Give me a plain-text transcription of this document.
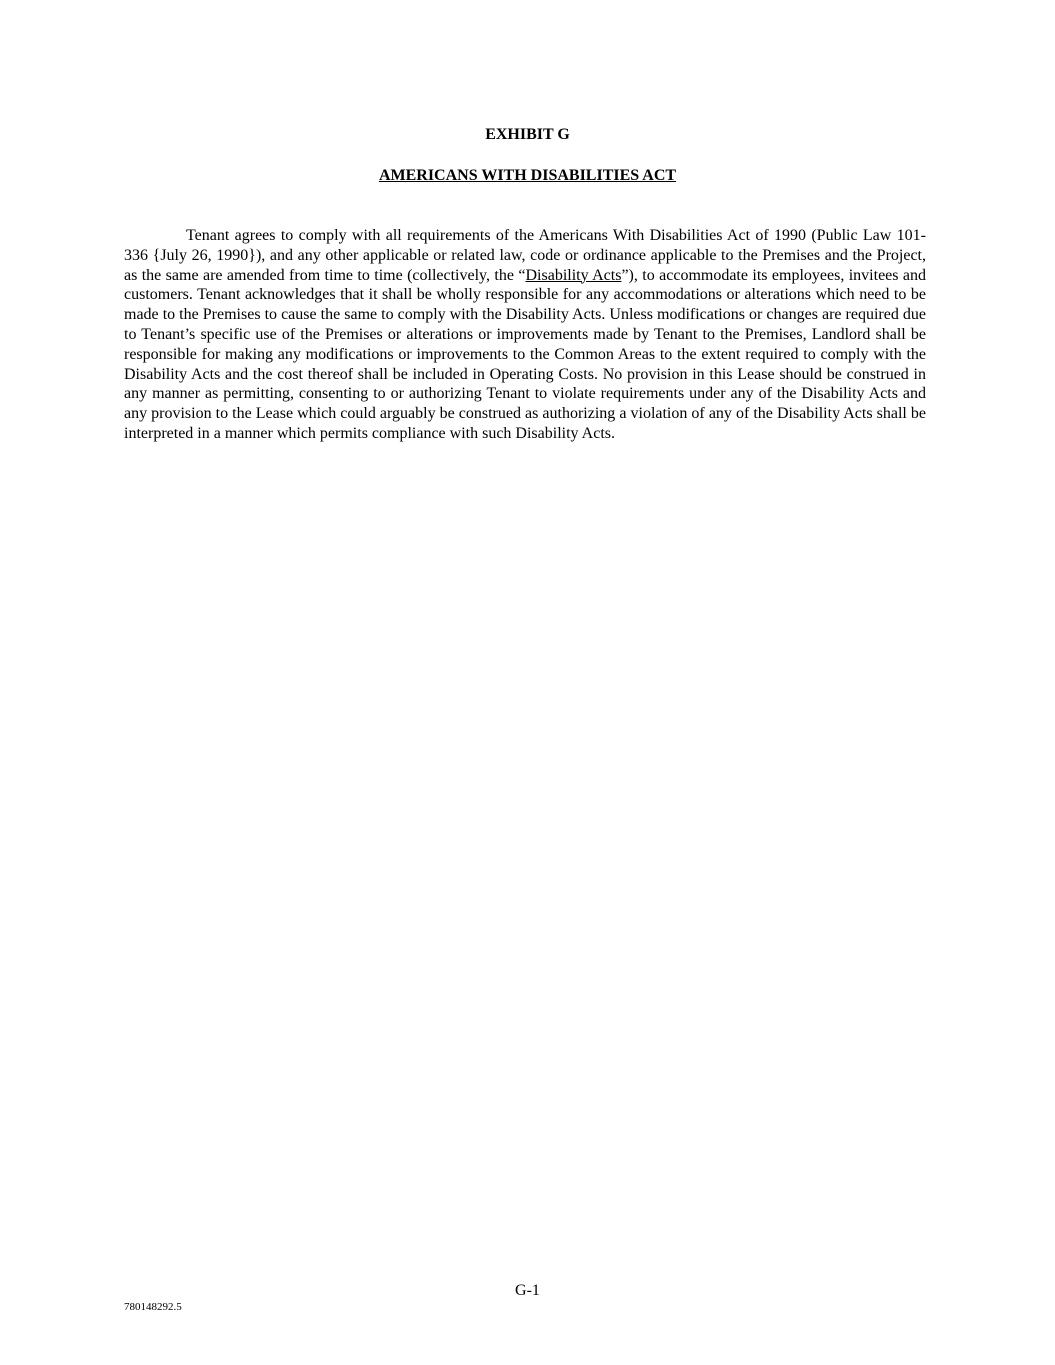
EXHIBIT G
AMERICANS WITH DISABILITIES ACT

Tenant agrees to comply with all requirements of the Americans With Disabilities Act of 1990 (Public Law 101-336 {July 26, 1990}), and any other applicable or related law, code or ordinance applicable to the Premises and the Project, as the same are amended from time to time (collectively, the “Disability Acts”), to accommodate its employees, invitees and customers. Tenant acknowledges that it shall be wholly responsible for any accommodations or alterations which need to be made to the Premises to cause the same to comply with the Disability Acts. Unless modifications or changes are required due to Tenant’s specific use of the Premises or alterations or improvements made by Tenant to the Premises, Landlord shall be responsible for making any modifications or improvements to the Common Areas to the extent required to comply with the Disability Acts and the cost thereof shall be included in Operating Costs. No provision in this Lease should be construed in any manner as permitting, consenting to or authorizing Tenant to violate requirements under any of the Disability Acts and any provision to the Lease which could arguably be construed as authorizing a violation of any of the Disability Acts shall be interpreted in a manner which permits compliance with such Disability Acts.

G-1
780148292.5
